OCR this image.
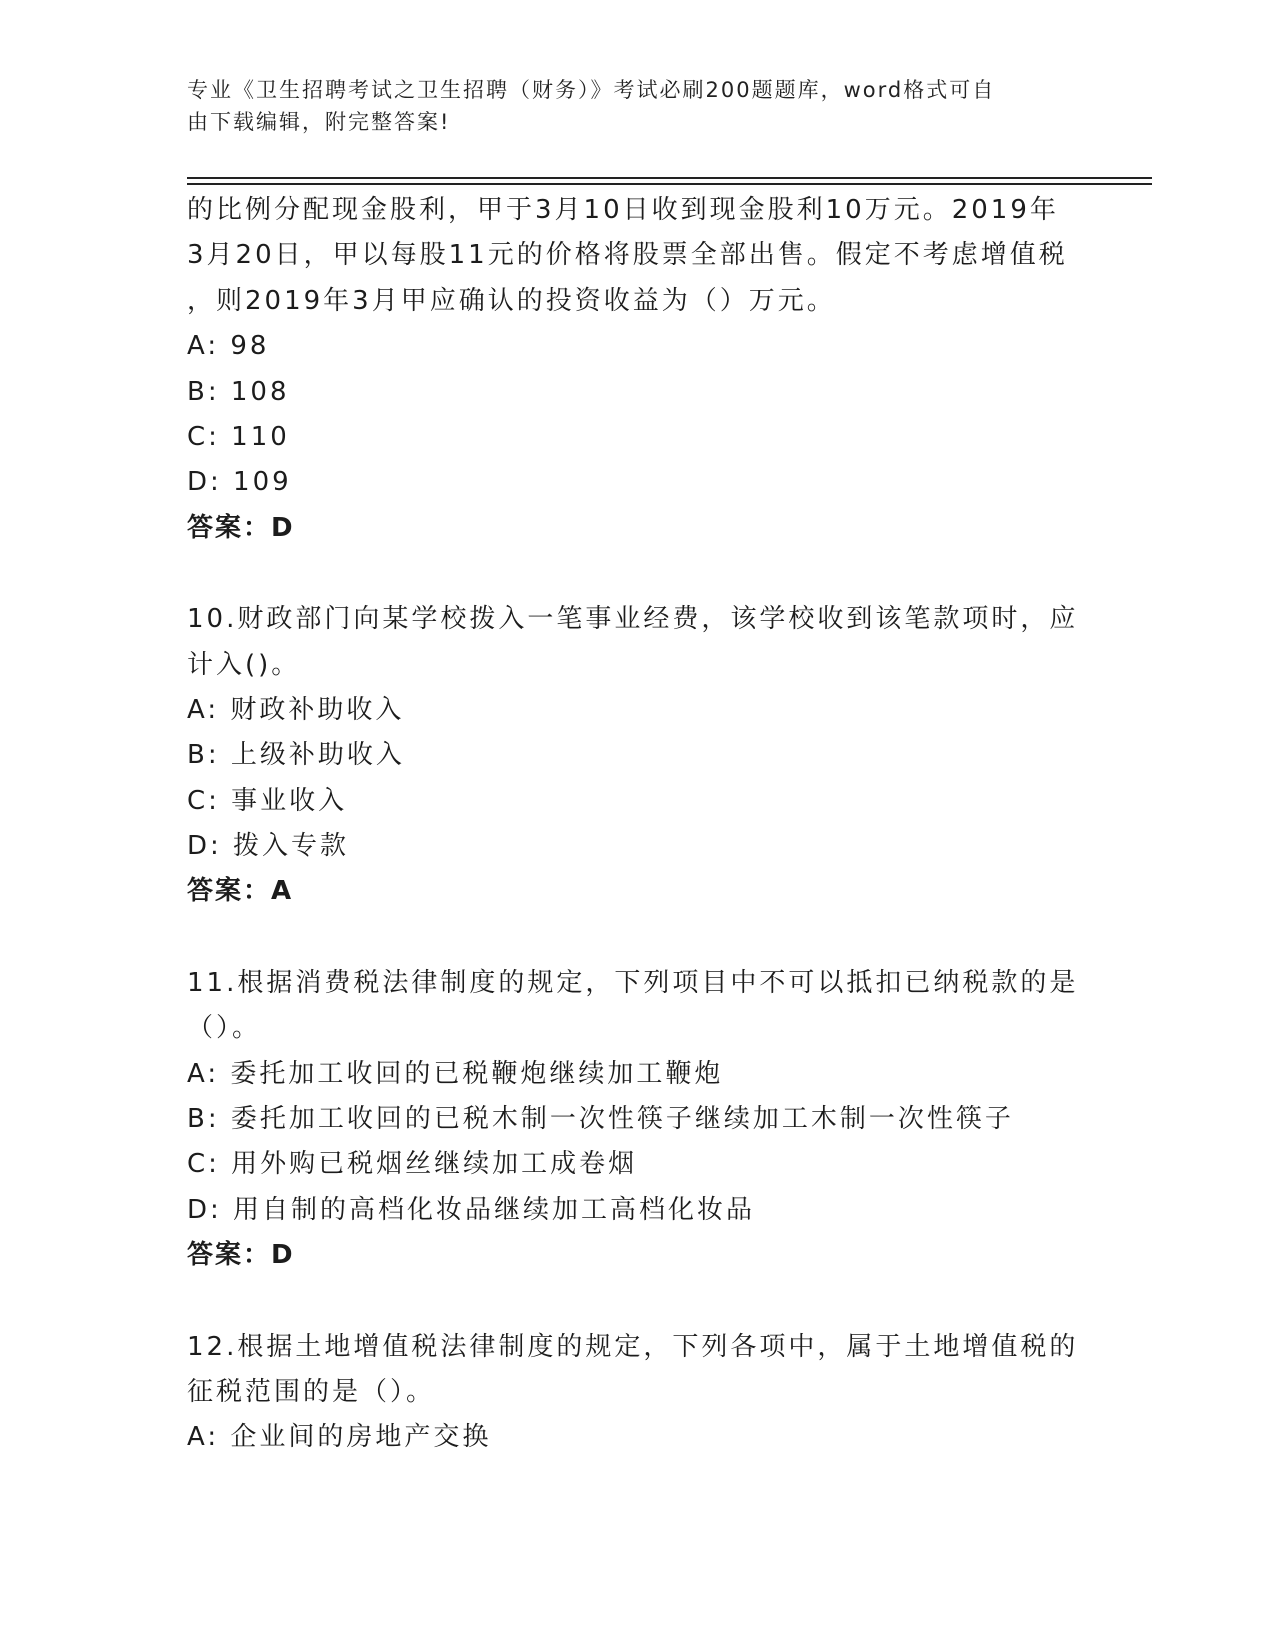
专业《卫生招聘考试之卫生招聘（财务）》考试必刷200题题库，word格式可自
由下载编辑，附完整答案!
的比例分配现金股利，甲于3月10日收到现金股利10万元。2019年
3月20日，甲以每股11元的价格将股票全部出售。假定不考虑增值税
，则2019年3月甲应确认的投资收益为（）万元。
A: 98
B: 108
C: 110
D: 109
答案：D
10.财政部门向某学校拨入一笔事业经费，该学校收到该笔款项时，应
计入()。
A: 财政补助收入
B: 上级补助收入
C: 事业收入
D: 拨入专款
答案：A
11.根据消费税法律制度的规定，下列项目中不可以抵扣已纳税款的是
（）。
A: 委托加工收回的已税鞭炮继续加工鞭炮
B: 委托加工收回的已税木制一次性筷子继续加工木制一次性筷子
C: 用外购已税烟丝继续加工成卷烟
D: 用自制的高档化妆品继续加工高档化妆品
答案：D
12.根据土地增值税法律制度的规定，下列各项中，属于土地增值税的
征税范围的是（）。
A: 企业间的房地产交换
